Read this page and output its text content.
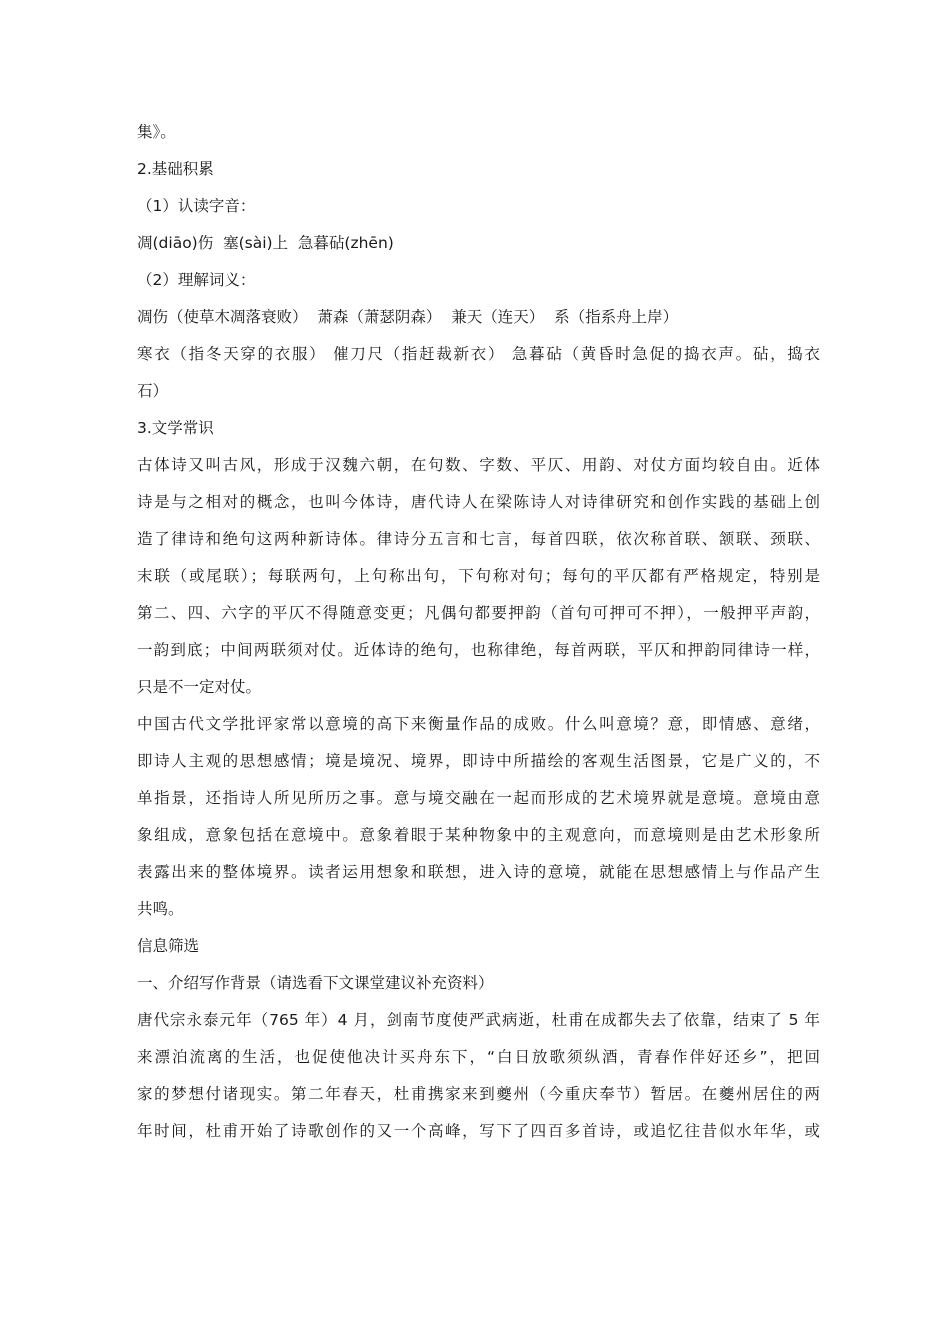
集》。
2.基础积累
（1）认读字音：
凋(diāo)伤  塞(sài)上  急暮砧(zhēn)
（2）理解词义：
凋伤（使草木凋落衰败）  萧森（萧瑟阴森）  兼天（连天）  系（指系舟上岸）
寒衣（指冬天穿的衣服） 催刀尺（指赶裁新衣） 急暮砧（黄昏时急促的捣衣声。砧，捣衣
石）
3.文学常识
古体诗又叫古风，形成于汉魏六朝，在句数、字数、平仄、用韵、对仗方面均较自由。近体
诗是与之相对的概念，也叫今体诗，唐代诗人在梁陈诗人对诗律研究和创作实践的基础上创
造了律诗和绝句这两种新诗体。律诗分五言和七言，每首四联，依次称首联、颔联、颈联、
末联（或尾联）；每联两句，上句称出句，下句称对句；每句的平仄都有严格规定，特别是
第二、四、六字的平仄不得随意变更；凡偶句都要押韵（首句可押可不押），一般押平声韵，
一韵到底；中间两联须对仗。近体诗的绝句，也称律绝，每首两联，平仄和押韵同律诗一样，
只是不一定对仗。
中国古代文学批评家常以意境的高下来衡量作品的成败。什么叫意境？意，即情感、意绪，
即诗人主观的思想感情；境是境况、境界，即诗中所描绘的客观生活图景，它是广义的，不
单指景，还指诗人所见所历之事。意与境交融在一起而形成的艺术境界就是意境。意境由意
象组成，意象包括在意境中。意象着眼于某种物象中的主观意向，而意境则是由艺术形象所
表露出来的整体境界。读者运用想象和联想，进入诗的意境，就能在思想感情上与作品产生
共鸣。
信息筛选
一、介绍写作背景（请选看下文课堂建议补充资料）
唐代宗永泰元年（765 年）4 月，剑南节度使严武病逝，杜甫在成都失去了依靠，结束了 5 年
来漂泊流离的生活，也促使他决计买舟东下，“白日放歌须纵酒，青春作伴好还乡”，把回
家的梦想付诸现实。第二年春天，杜甫携家来到夔州（今重庆奉节）暂居。在夔州居住的两
年时间，杜甫开始了诗歌创作的又一个高峰，写下了四百多首诗，或追忆往昔似水年华，或
